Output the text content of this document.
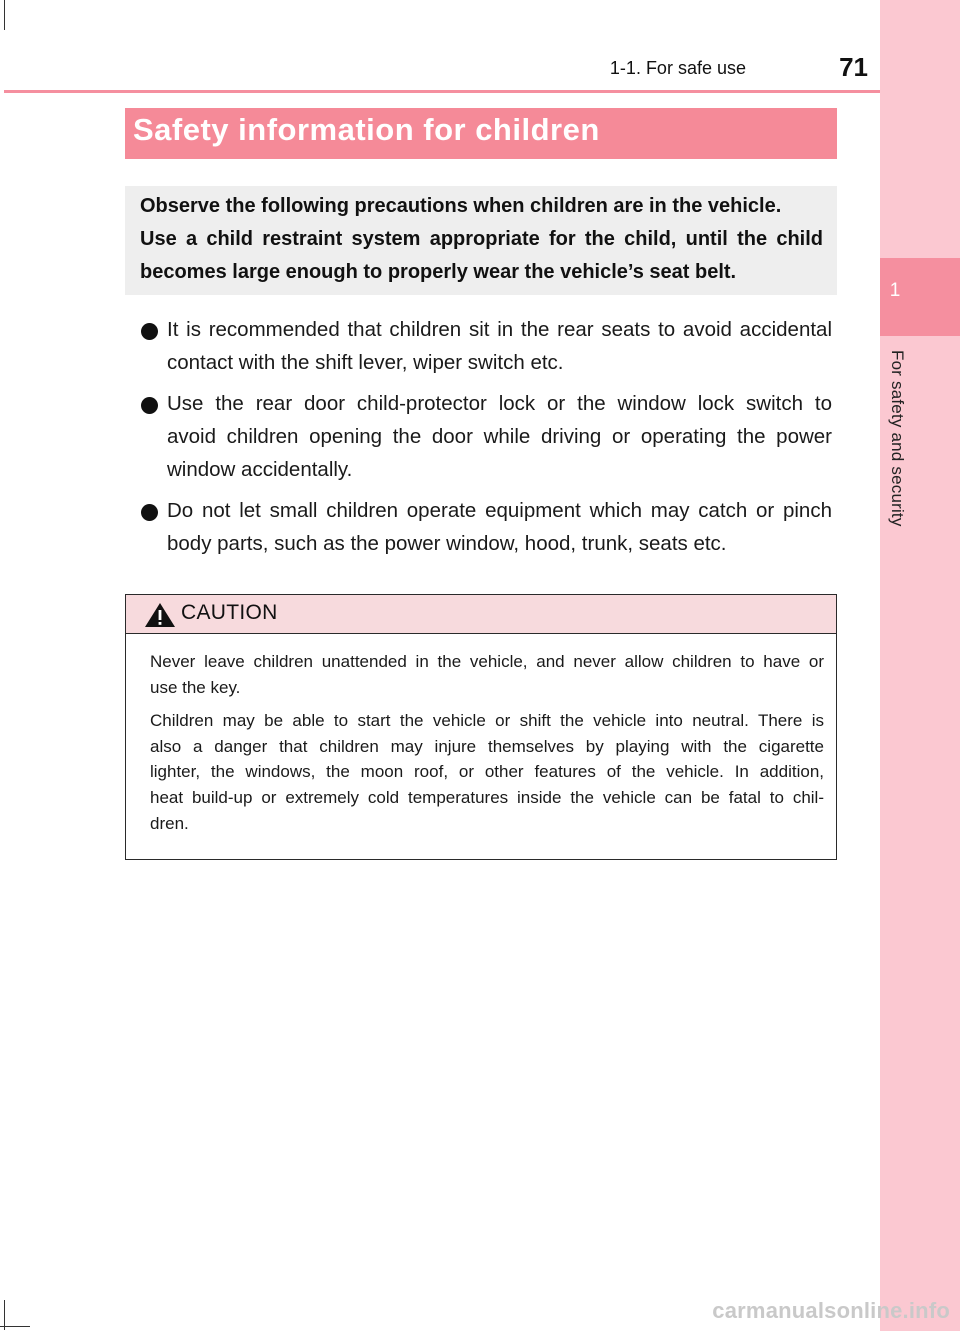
1
For safety and security
1-1. For safe use	71
Safety information for children
Observe the following precautions when children are in the vehicle.
Use a child restraint system appropriate for the child, until the child
becomes large enough to properly wear the vehicle’s seat belt.
It is recommended that children sit in the rear seats to avoid accidental
contact with the shift lever, wiper switch etc.
Use the rear door child-protector lock or the window lock switch to
avoid children opening the door while driving or operating the power
window accidentally.
Do not let small children operate equipment which may catch or pinch
body parts, such as the power window, hood, trunk, seats etc.
CAUTION
Never leave children unattended in the vehicle, and never allow children to have or
use the key.
Children may be able to start the vehicle or shift the vehicle into neutral. There is
also a danger that children may injure themselves by playing with the cigarette
lighter, the windows, the moon roof, or other features of the vehicle. In addition,
heat build-up or extremely cold temperatures inside the vehicle can be fatal to chil-
dren.
carmanualsonline.info
